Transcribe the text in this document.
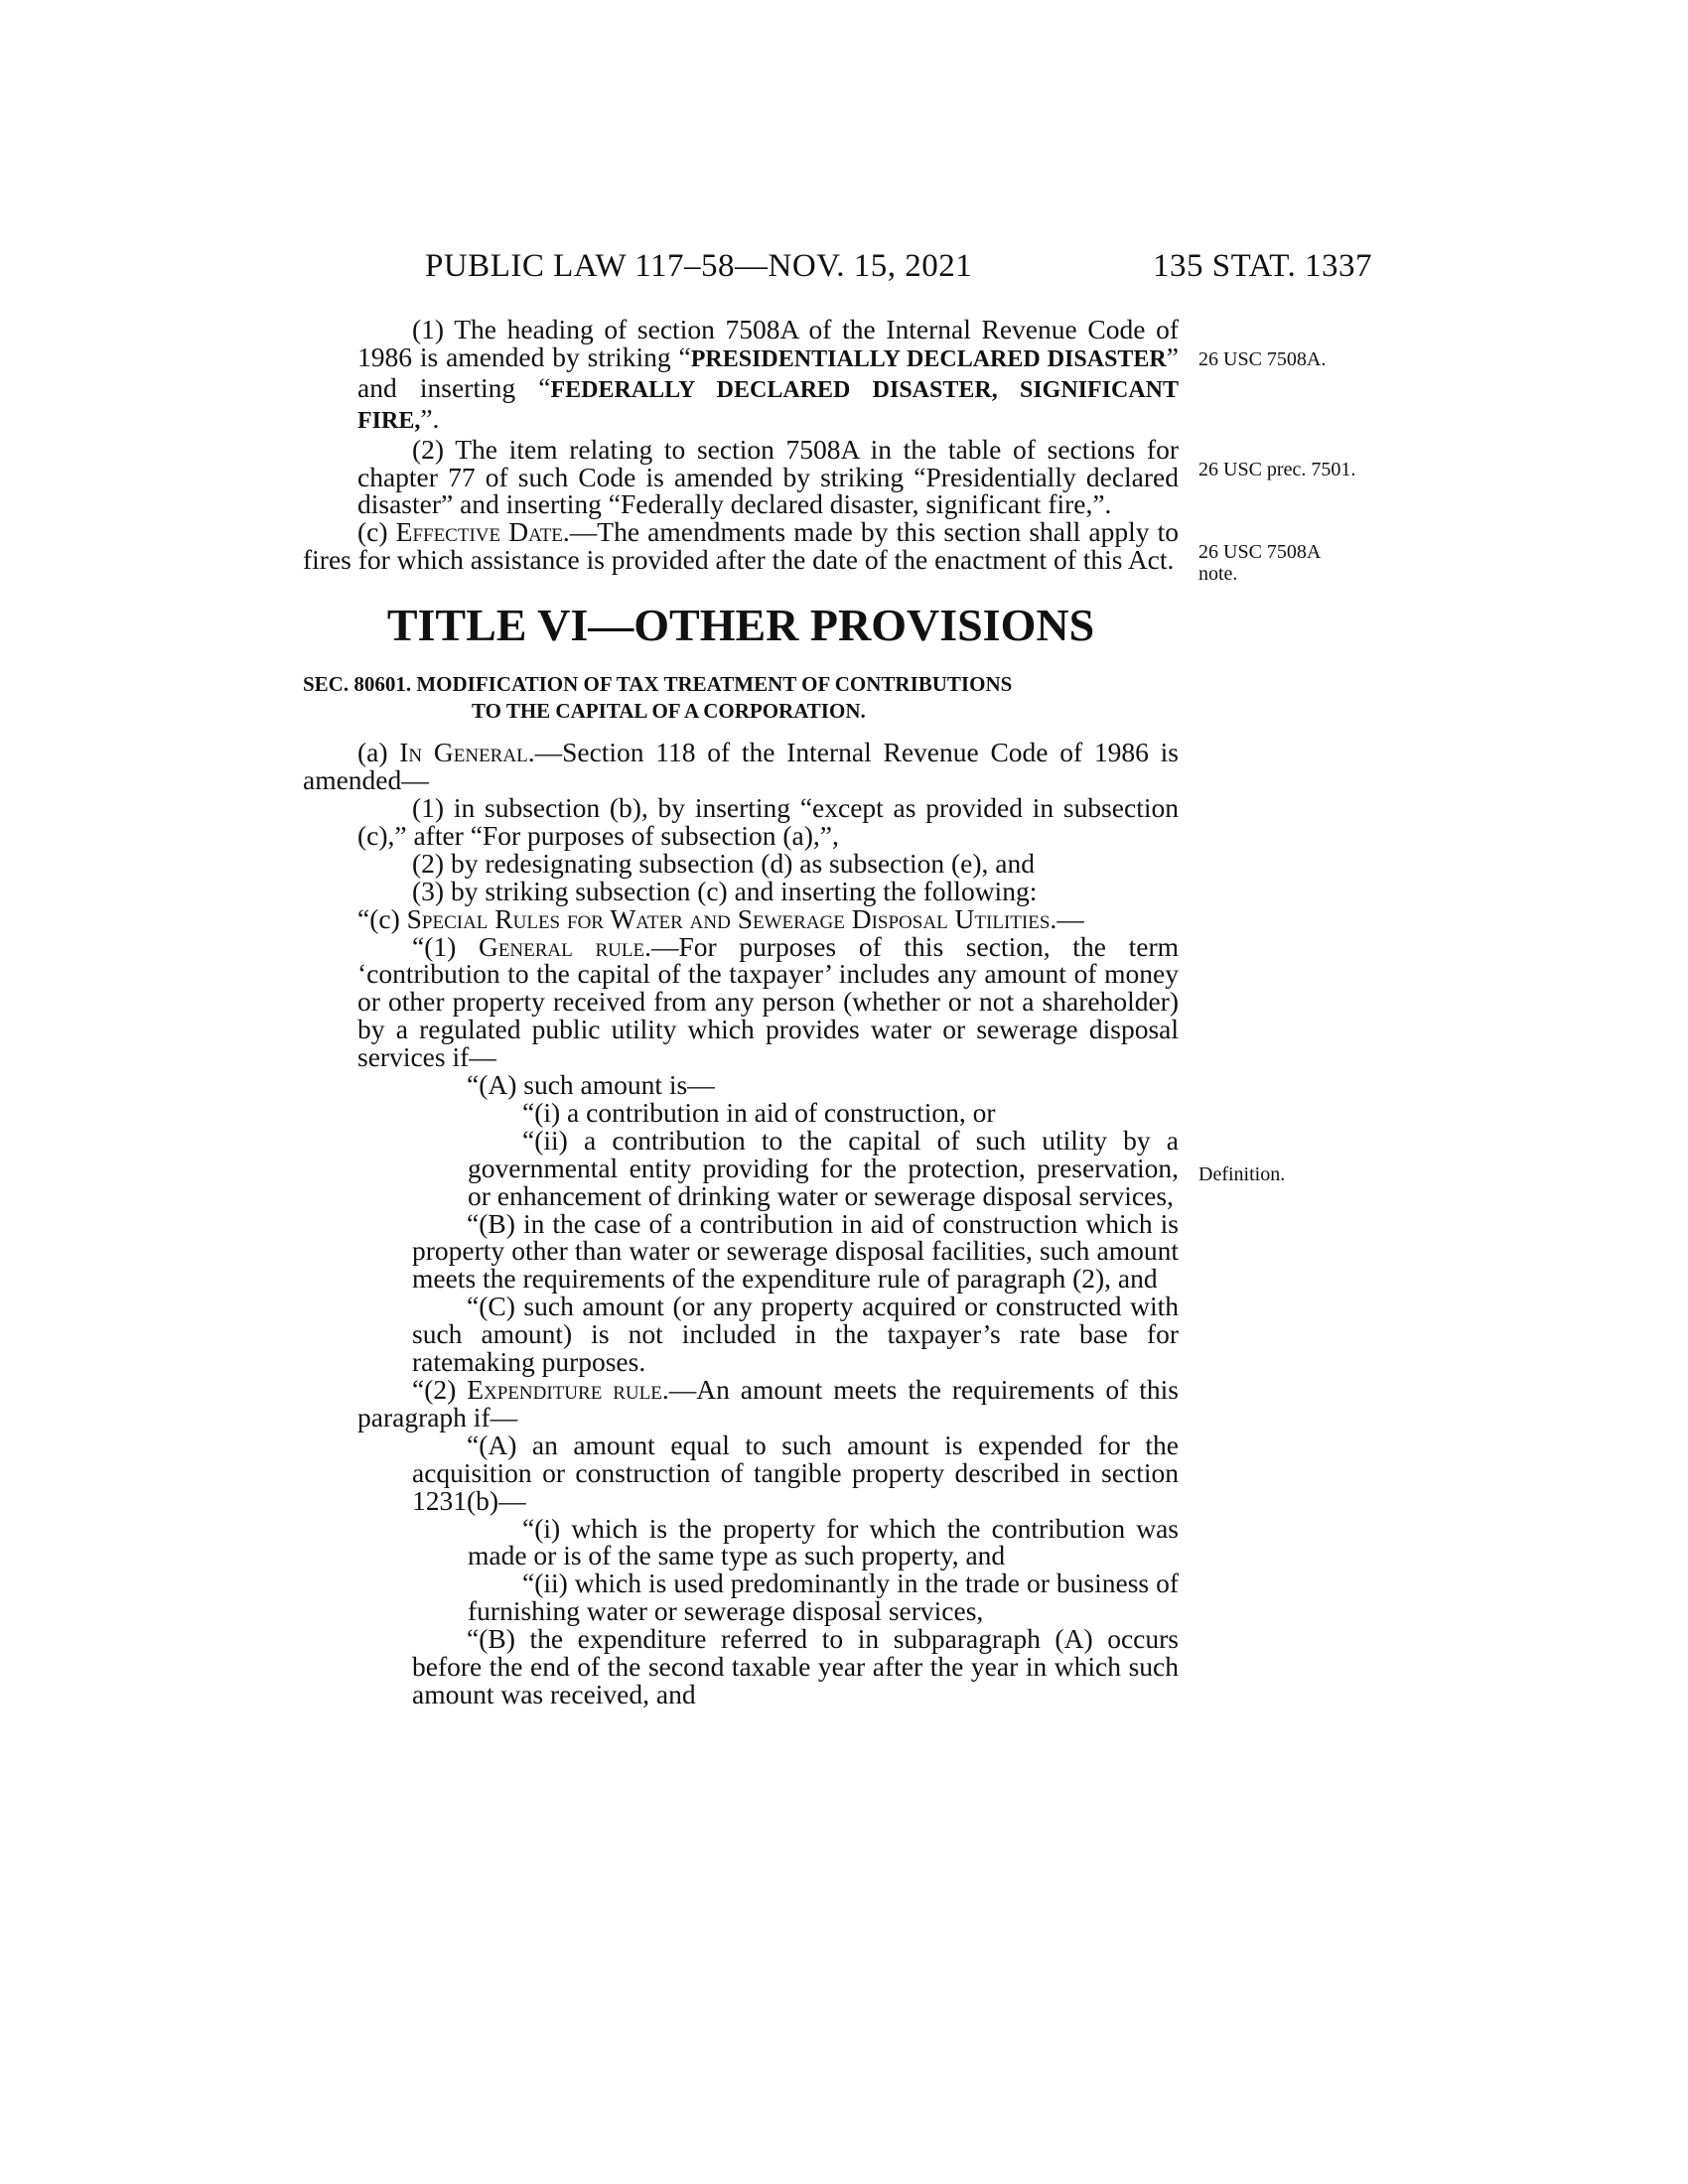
PUBLIC LAW 117–58—NOV. 15, 2021	135 STAT. 1337
26 USC 7508A.
26 USC prec. 7501.
26 USC 7508A note.
Definition.

(1) The heading of section 7508A of the Internal Revenue Code of 1986 is amended by striking “PRESIDENTIALLY DECLARED DISASTER” and inserting “FEDERALLY DECLARED DISASTER, SIGNIFICANT FIRE,”.

(2) The item relating to section 7508A in the table of sections for chapter 77 of such Code is amended by striking “Presidentially declared disaster” and inserting “Federally declared disaster, significant fire,”.

(c) Effective Date.—The amendments made by this section shall apply to fires for which assistance is provided after the date of the enactment of this Act.

TITLE VI—OTHER PROVISIONS
SEC. 80601. MODIFICATION OF TAX TREATMENT OF CONTRIBUTIONS
TO THE CAPITAL OF A CORPORATION.

(a) In General.—Section 118 of the Internal Revenue Code of 1986 is amended—

(1) in subsection (b), by inserting “except as provided in subsection (c),” after “For purposes of subsection (a),”,

(2) by redesignating subsection (d) as subsection (e), and

(3) by striking subsection (c) and inserting the following:

“(c) Special Rules for Water and Sewerage Disposal Utilities.—

“(1) General rule.—For purposes of this section, the term ‘contribution to the capital of the taxpayer’ includes any amount of money or other property received from any person (whether or not a shareholder) by a regulated public utility which provides water or sewerage disposal services if—

“(A) such amount is—

“(i) a contribution in aid of construction, or

“(ii) a contribution to the capital of such utility by a governmental entity providing for the protection, preservation, or enhancement of drinking water or sewerage disposal services,

“(B) in the case of a contribution in aid of construction which is property other than water or sewerage disposal facilities, such amount meets the requirements of the expenditure rule of paragraph (2), and

“(C) such amount (or any property acquired or constructed with such amount) is not included in the taxpayer’s rate base for ratemaking purposes.

“(2) Expenditure rule.—An amount meets the requirements of this paragraph if—

“(A) an amount equal to such amount is expended for the acquisition or construction of tangible property described in section 1231(b)—

“(i) which is the property for which the contribution was made or is of the same type as such property, and

“(ii) which is used predominantly in the trade or business of furnishing water or sewerage disposal services,

“(B) the expenditure referred to in subparagraph (A) occurs before the end of the second taxable year after the year in which such amount was received, and
